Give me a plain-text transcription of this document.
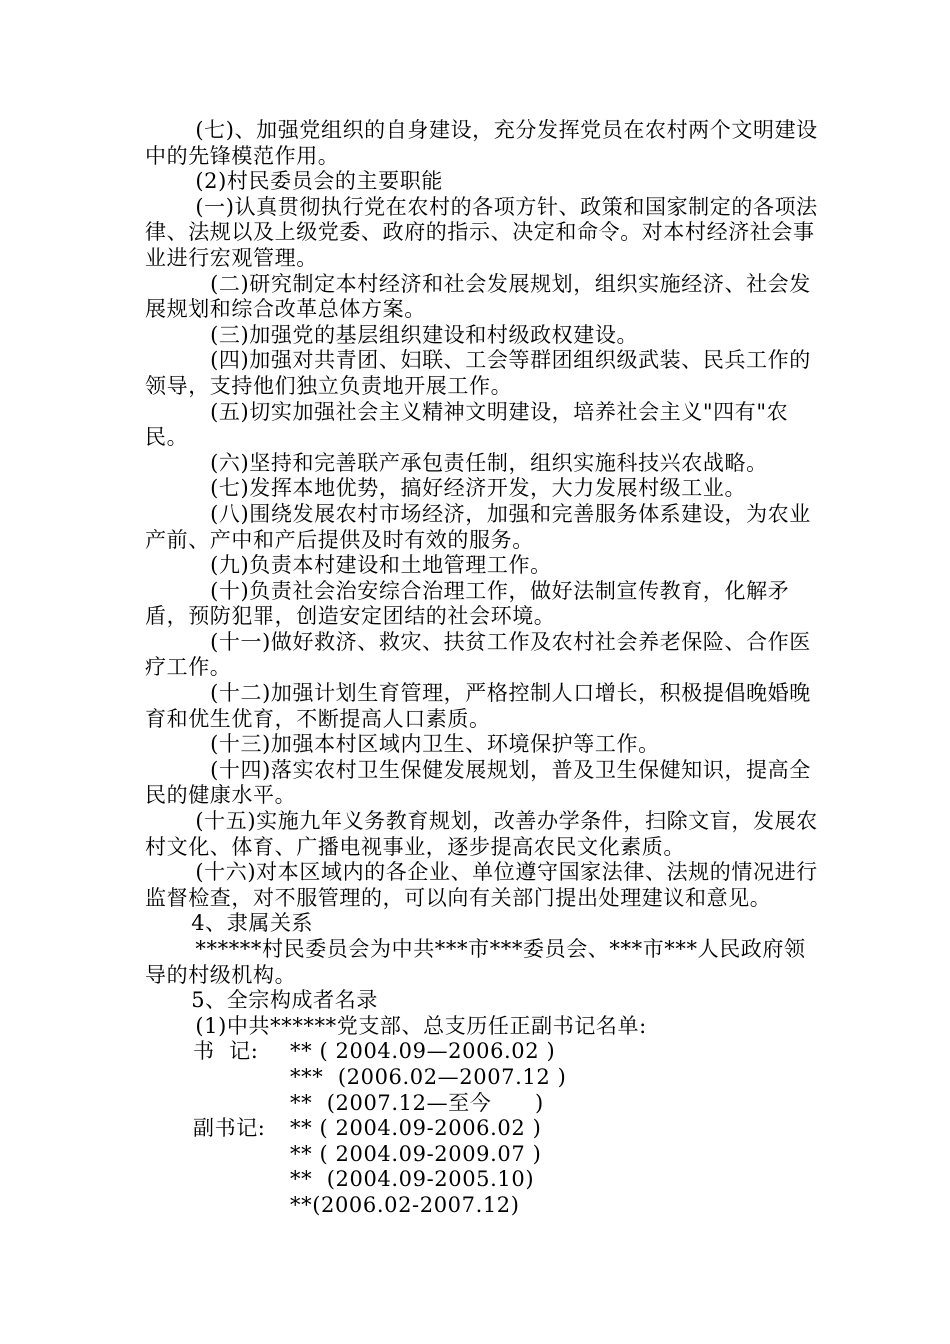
(七)、加强党组织的自身建设，充分发挥党员在农村两个文明建设中的先锋模范作用。

(2)村民委员会的主要职能

(一)认真贯彻执行党在农村的各项方针、政策和国家制定的各项法律、法规以及上级党委、政府的指示、决定和命令。对本村经济社会事业进行宏观管理。

(二)研究制定本村经济和社会发展规划，组织实施经济、社会发展规划和综合改革总体方案。

(三)加强党的基层组织建设和村级政权建设。

(四)加强对共青团、妇联、工会等群团组织级武装、民兵工作的领导，支持他们独立负责地开展工作。

(五)切实加强社会主义精神文明建设，培养社会主义"四有"农民。

(六)坚持和完善联产承包责任制，组织实施科技兴农战略。

(七)发挥本地优势，搞好经济开发，大力发展村级工业。

(八)围绕发展农村市场经济，加强和完善服务体系建设，为农业产前、产中和产后提供及时有效的服务。

(九)负责本村建设和土地管理工作。

(十)负责社会治安综合治理工作，做好法制宣传教育，化解矛盾，预防犯罪，创造安定团结的社会环境。

(十一)做好救济、救灾、扶贫工作及农村社会养老保险、合作医疗工作。

(十二)加强计划生育管理，严格控制人口增长，积极提倡晚婚晚育和优生优育，不断提高人口素质。

(十三)加强本村区域内卫生、环境保护等工作。

(十四)落实农村卫生保健发展规划，普及卫生保健知识，提高全民的健康水平。

(十五)实施九年义务教育规划，改善办学条件，扫除文盲，发展农村文化、体育、广播电视事业，逐步提高农民文化素质。

(十六)对本区域内的各企业、单位遵守国家法律、法规的情况进行监督检查，对不服管理的，可以向有关部门提出处理建议和意见。

4、隶属关系

******村民委员会为中共***市***委员会、***市***人民政府领导的村级机构。

5、全宗构成者名录

(1)中共******党支部、总支历任正副书记名单:

书  记:	** ( 2004.09—2006.02 )
***  (2006.02—2007.12 )
**  (2007.12—至今      )
副书记:	** ( 2004.09-2006.02 )
** ( 2004.09-2009.07 )
**  (2004.09-2005.10)
**(2006.02-2007.12)
